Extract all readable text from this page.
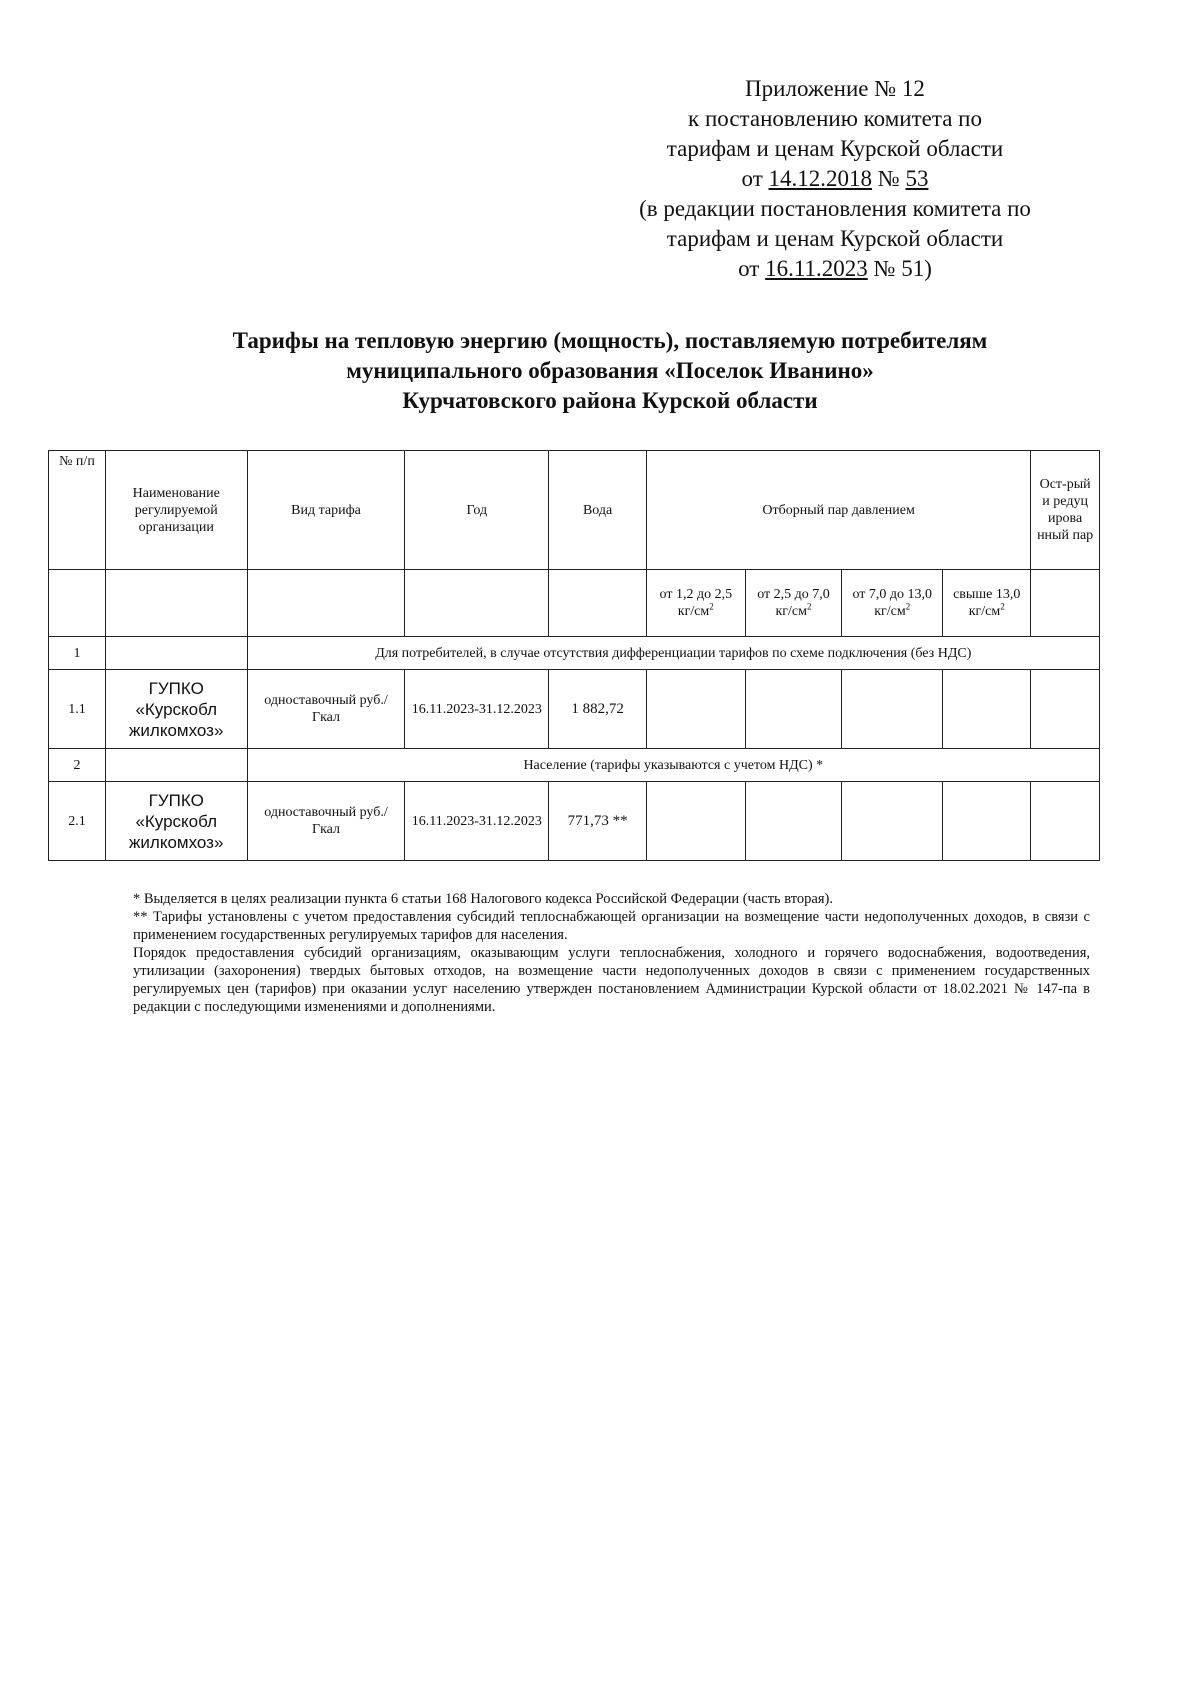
Приложение № 12
к постановлению комитета по
тарифам и ценам Курской области
от 14.12.2018 № 53
(в редакции постановления комитета по
тарифам и ценам Курской области
от 16.11.2023 № 51)
Тарифы на тепловую энергию (мощность), поставляемую потребителям
муниципального образования «Поселок Иванино»
Курчатовского района Курской области
№ п/п	Наименование регулируемой организации	Вид тарифа	Год	Вода	Отборный пар давлением				Ост-рый и редуц ирова нный пар
					от 1,2 до 2,5 $кг/см^2$	от 2,5 до 7,0 $кг/см^2$	от 7,0 до 13,0 $кг/см^2$	свыше 13,0 $кг/см^2$	
1		Для потребителей, в случае отсутствия дифференциации тарифов по схеме подключения (без НДС)							
1.1	ГУПКО «Курскобл жилкомхоз»	одноставочный руб./Гкал	16.11.2023-31.12.2023	1 882,72					
2		Население (тарифы указываются с учетом НДС) *							
2.1	ГУПКО «Курскобл жилкомхоз»	одноставочный руб./Гкал	16.11.2023-31.12.2023	771,73 **					

* Выделяется в целях реализации пункта 6 статьи 168 Налогового кодекса Российской Федерации (часть вторая).

** Тарифы установлены с учетом предоставления субсидий теплоснабжающей организации на возмещение части недополученных доходов, в связи с применением государственных регулируемых тарифов для населения.

Порядок предоставления субсидий организациям, оказывающим услуги теплоснабжения, холодного и горячего водоснабжения, водоотведения, утилизации (захоронения) твердых бытовых отходов, на возмещение части недополученных доходов в связи с применением государственных регулируемых цен (тарифов) при оказании услуг населению утвержден постановлением Администрации Курской области от 18.02.2021 № 147-па в редакции с последующими изменениями и дополнениями.
